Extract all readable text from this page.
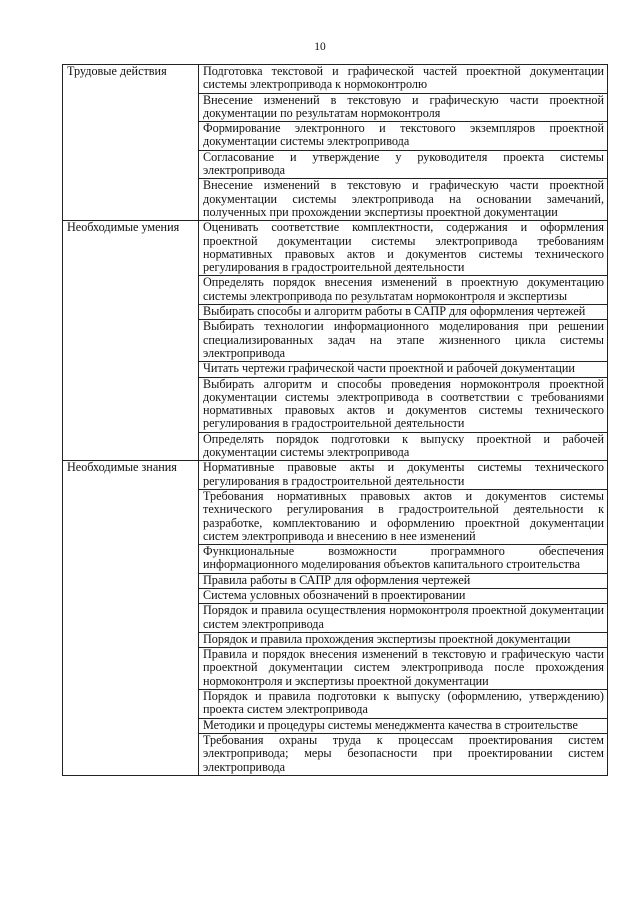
10
Трудовые действия	Подготовка текстовой и графической частей проектной документации системы электропривода к нормоконтролю
	Внесение изменений в текстовую и графическую части проектной документации по результатам нормоконтроля
	Формирование электронного и текстового экземпляров проектной документации системы электропривода
	Согласование и утверждение у руководителя проекта системы электропривода
	Внесение изменений в текстовую и графическую части проектной документации системы электропривода на основании замечаний, полученных при прохождении экспертизы проектной документации
Необходимые умения	Оценивать соответствие комплектности, содержания и оформления проектной документации системы электропривода требованиям нормативных правовых актов и документов системы технического регулирования в градостроительной деятельности
	Определять порядок внесения изменений в проектную документацию системы электропривода по результатам нормоконтроля и экспертизы
	Выбирать способы и алгоритм работы в САПР для оформления чертежей
	Выбирать технологии информационного моделирования при решении специализированных задач на этапе жизненного цикла системы электропривода
	Читать чертежи графической части проектной и рабочей документации
	Выбирать алгоритм и способы проведения нормоконтроля проектной документации системы электропривода в соответствии с требованиями нормативных правовых актов и документов системы технического регулирования в градостроительной деятельности
	Определять порядок подготовки к выпуску проектной и рабочей документации системы электропривода
Необходимые знания	Нормативные правовые акты и документы системы технического регулирования в градостроительной деятельности
	Требования нормативных правовых актов и документов системы технического регулирования в градостроительной деятельности к разработке, комплектованию и оформлению проектной документации систем электропривода и внесению в нее изменений
	Функциональные возможности программного обеспечения информационного моделирования объектов капитального строительства
	Правила работы в САПР для оформления чертежей
	Система условных обозначений в проектировании
	Порядок и правила осуществления нормоконтроля проектной документации систем электропривода
	Порядок и правила прохождения экспертизы проектной документации
	Правила и порядок внесения изменений в текстовую и графическую части проектной документации систем электропривода после прохождения нормоконтроля и экспертизы проектной документации
	Порядок и правила подготовки к выпуску (оформлению, утверждению) проекта систем электропривода
	Методики и процедуры системы менеджмента качества в строительстве
	Требования охраны труда к процессам проектирования систем электропривода; меры безопасности при проектировании систем электропривода
